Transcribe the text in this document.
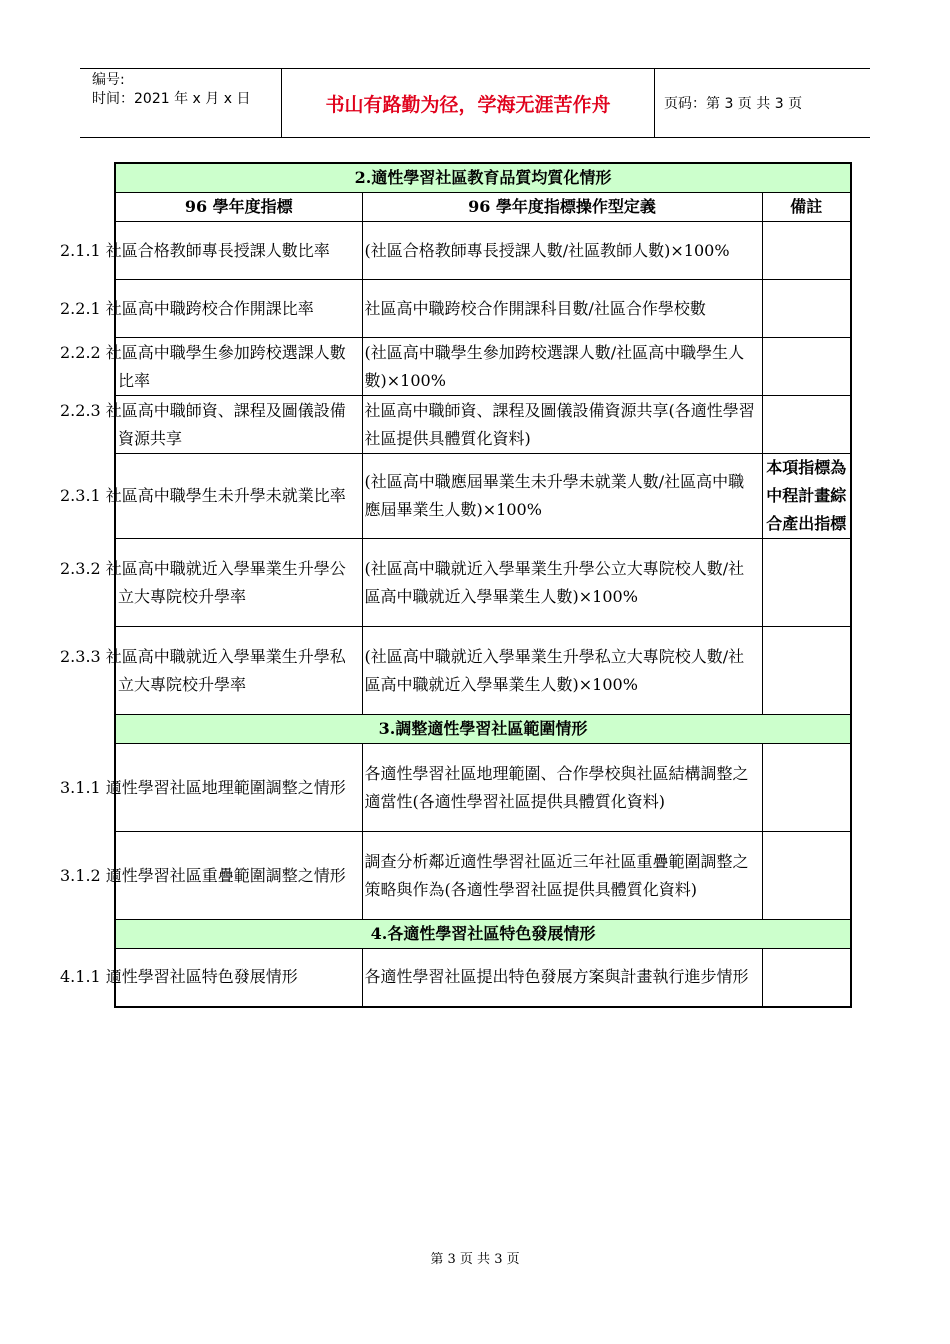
编号:
时间：2021 年 x 月 x 日	书山有路勤为径，学海无涯苦作舟	页码：第 3 页 共 3 页
2.適性學習社區教育品質均質化情形		
96 學年度指標	96 學年度指標操作型定義	備註
2.1.1 社區合格教師專長授課人數比率	(社區合格教師專長授課人數/社區教師人數)×100%	
2.2.1 社區高中職跨校合作開課比率	社區高中職跨校合作開課科目數/社區合作學校數	
2.2.2 社區高中職學生參加跨校選課人數比率	(社區高中職學生參加跨校選課人數/社區高中職學生人數)×100%	
2.2.3 社區高中職師資、課程及圖儀設備資源共享	社區高中職師資、課程及圖儀設備資源共享(各適性學習社區提供具體質化資料)	
2.3.1 社區高中職學生未升學未就業比率	(社區高中職應屆畢業生未升學未就業人數/社區高中職應屆畢業生人數)×100%	本項指標為中程計畫綜合產出指標
2.3.2 社區高中職就近入學畢業生升學公立大專院校升學率	(社區高中職就近入學畢業生升學公立大專院校人數/社區高中職就近入學畢業生人數)×100%	
2.3.3 社區高中職就近入學畢業生升學私立大專院校升學率	(社區高中職就近入學畢業生升學私立大專院校人數/社區高中職就近入學畢業生人數)×100%	
3.調整適性學習社區範圍情形		
3.1.1 適性學習社區地理範圍調整之情形	各適性學習社區地理範圍、合作學校與社區結構調整之適當性(各適性學習社區提供具體質化資料)	
3.1.2 適性學習社區重疊範圍調整之情形	調查分析鄰近適性學習社區近三年社區重疊範圍調整之策略與作為(各適性學習社區提供具體質化資料)	
4.各適性學習社區特色發展情形		
4.1.1 適性學習社區特色發展情形	各適性學習社區提出特色發展方案與計畫執行進步情形	
第 3 页 共 3 页
